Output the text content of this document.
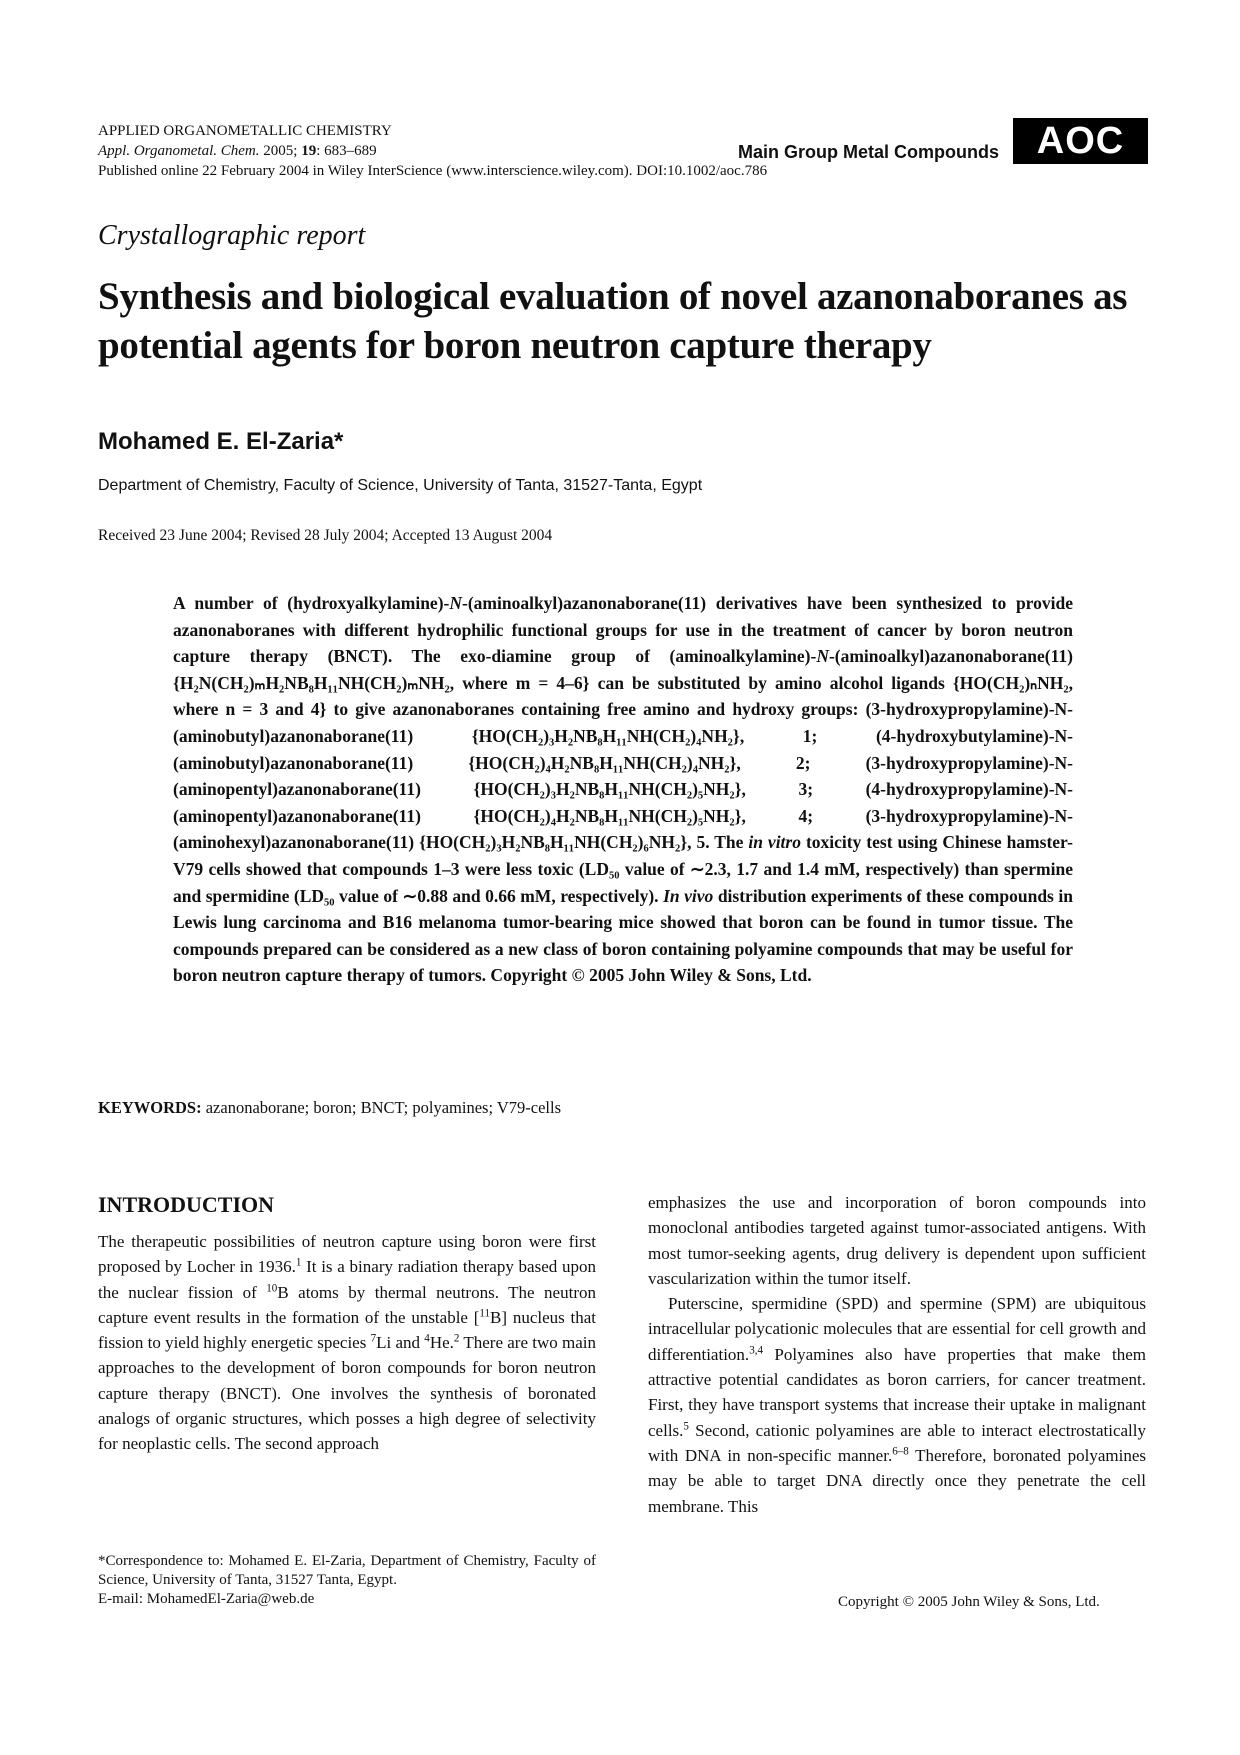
APPLIED ORGANOMETALLIC CHEMISTRY
Appl. Organometal. Chem. 2005; 19: 683–689
Published online 22 February 2004 in Wiley InterScience (www.interscience.wiley.com). DOI:10.1002/aoc.786
Main Group Metal Compounds AOC
Crystallographic report
Synthesis and biological evaluation of novel azanonaboranes as potential agents for boron neutron capture therapy
Mohamed E. El-Zaria*
Department of Chemistry, Faculty of Science, University of Tanta, 31527-Tanta, Egypt
Received 23 June 2004; Revised 28 July 2004; Accepted 13 August 2004
A number of (hydroxyalkylamine)-N-(aminoalkyl)azanonaborane(11) derivatives have been synthesized to provide azanonaboranes with different hydrophilic functional groups for use in the treatment of cancer by boron neutron capture therapy (BNCT). The exo-diamine group of (aminoalkylamine)-N-(aminoalkyl)azanonaborane(11) {H₂N(CH₂)ₘH₂NB₈H₁₁NH(CH₂)ₘNH₂, where m = 4–6} can be substituted by amino alcohol ligands {HO(CH₂)ₙNH₂, where n = 3 and 4} to give azanonaboranes containing free amino and hydroxy groups: (3-hydroxypropylamine)-N-(aminobutyl)azanonaborane(11) {HO(CH₂)₃H₂NB₈H₁₁NH(CH₂)₄NH₂}, 1; (4-hydroxybutylamine)-N-(aminobutyl)azanonaborane(11) {HO(CH₂)₄H₂NB₈H₁₁NH(CH₂)₄NH₂}, 2; (3-hydroxypropylamine)-N-(aminopentyl)azanonaborane(11) {HO(CH₂)₃H₂NB₈H₁₁NH(CH₂)₅NH₂}, 3; (4-hydroxypropylamine)-N-(aminopentyl)azanonaborane(11) {HO(CH₂)₄H₂NB₈H₁₁NH(CH₂)₅NH₂}, 4; (3-hydroxypropylamine)-N-(aminohexyl)azanonaborane(11) {HO(CH₂)₃H₂NB₈H₁₁NH(CH₂)₆NH₂}, 5. The in vitro toxicity test using Chinese hamster-V79 cells showed that compounds 1–3 were less toxic (LD₅₀ value of ∼2.3, 1.7 and 1.4 mM, respectively) than spermine and spermidine (LD₅₀ value of ∼0.88 and 0.66 mM, respectively). In vivo distribution experiments of these compounds in Lewis lung carcinoma and B16 melanoma tumor-bearing mice showed that boron can be found in tumor tissue. The compounds prepared can be considered as a new class of boron containing polyamine compounds that may be useful for boron neutron capture therapy of tumors. Copyright © 2005 John Wiley & Sons, Ltd.
KEYWORDS: azanonaborane; boron; BNCT; polyamines; V79-cells
INTRODUCTION

The therapeutic possibilities of neutron capture using boron were first proposed by Locher in 1936.$^1$ It is a binary radiation therapy based upon the nuclear fission of $^{10}$B atoms by thermal neutrons. The neutron capture event results in the formation of the unstable [$^{11}$B] nucleus that fission to yield highly energetic species $^7$Li and $^4$He.$^2$ There are two main approaches to the development of boron compounds for boron neutron capture therapy (BNCT). One involves the synthesis of boronated analogs of organic structures, which posses a high degree of selectivity for neoplastic cells. The second approach

emphasizes the use and incorporation of boron compounds into monoclonal antibodies targeted against tumor-associated antigens. With most tumor-seeking agents, drug delivery is dependent upon sufficient vascularization within the tumor itself.

Puterscine, spermidine (SPD) and spermine (SPM) are ubiquitous intracellular polycationic molecules that are essential for cell growth and differentiation.$^{3,4}$ Polyamines also have properties that make them attractive potential candidates as boron carriers, for cancer treatment. First, they have transport systems that increase their uptake in malignant cells.$^5$ Second, cationic polyamines are able to interact electrostatically with DNA in non-specific manner.$^{6-8}$ Therefore, boronated polyamines may be able to target DNA directly once they penetrate the cell membrane. This

*Correspondence to: Mohamed E. El-Zaria, Department of Chemistry, Faculty of Science, University of Tanta, 31527 Tanta, Egypt.
E-mail: MohamedEl-Zaria@web.de	Copyright © 2005 John Wiley & Sons, Ltd.
